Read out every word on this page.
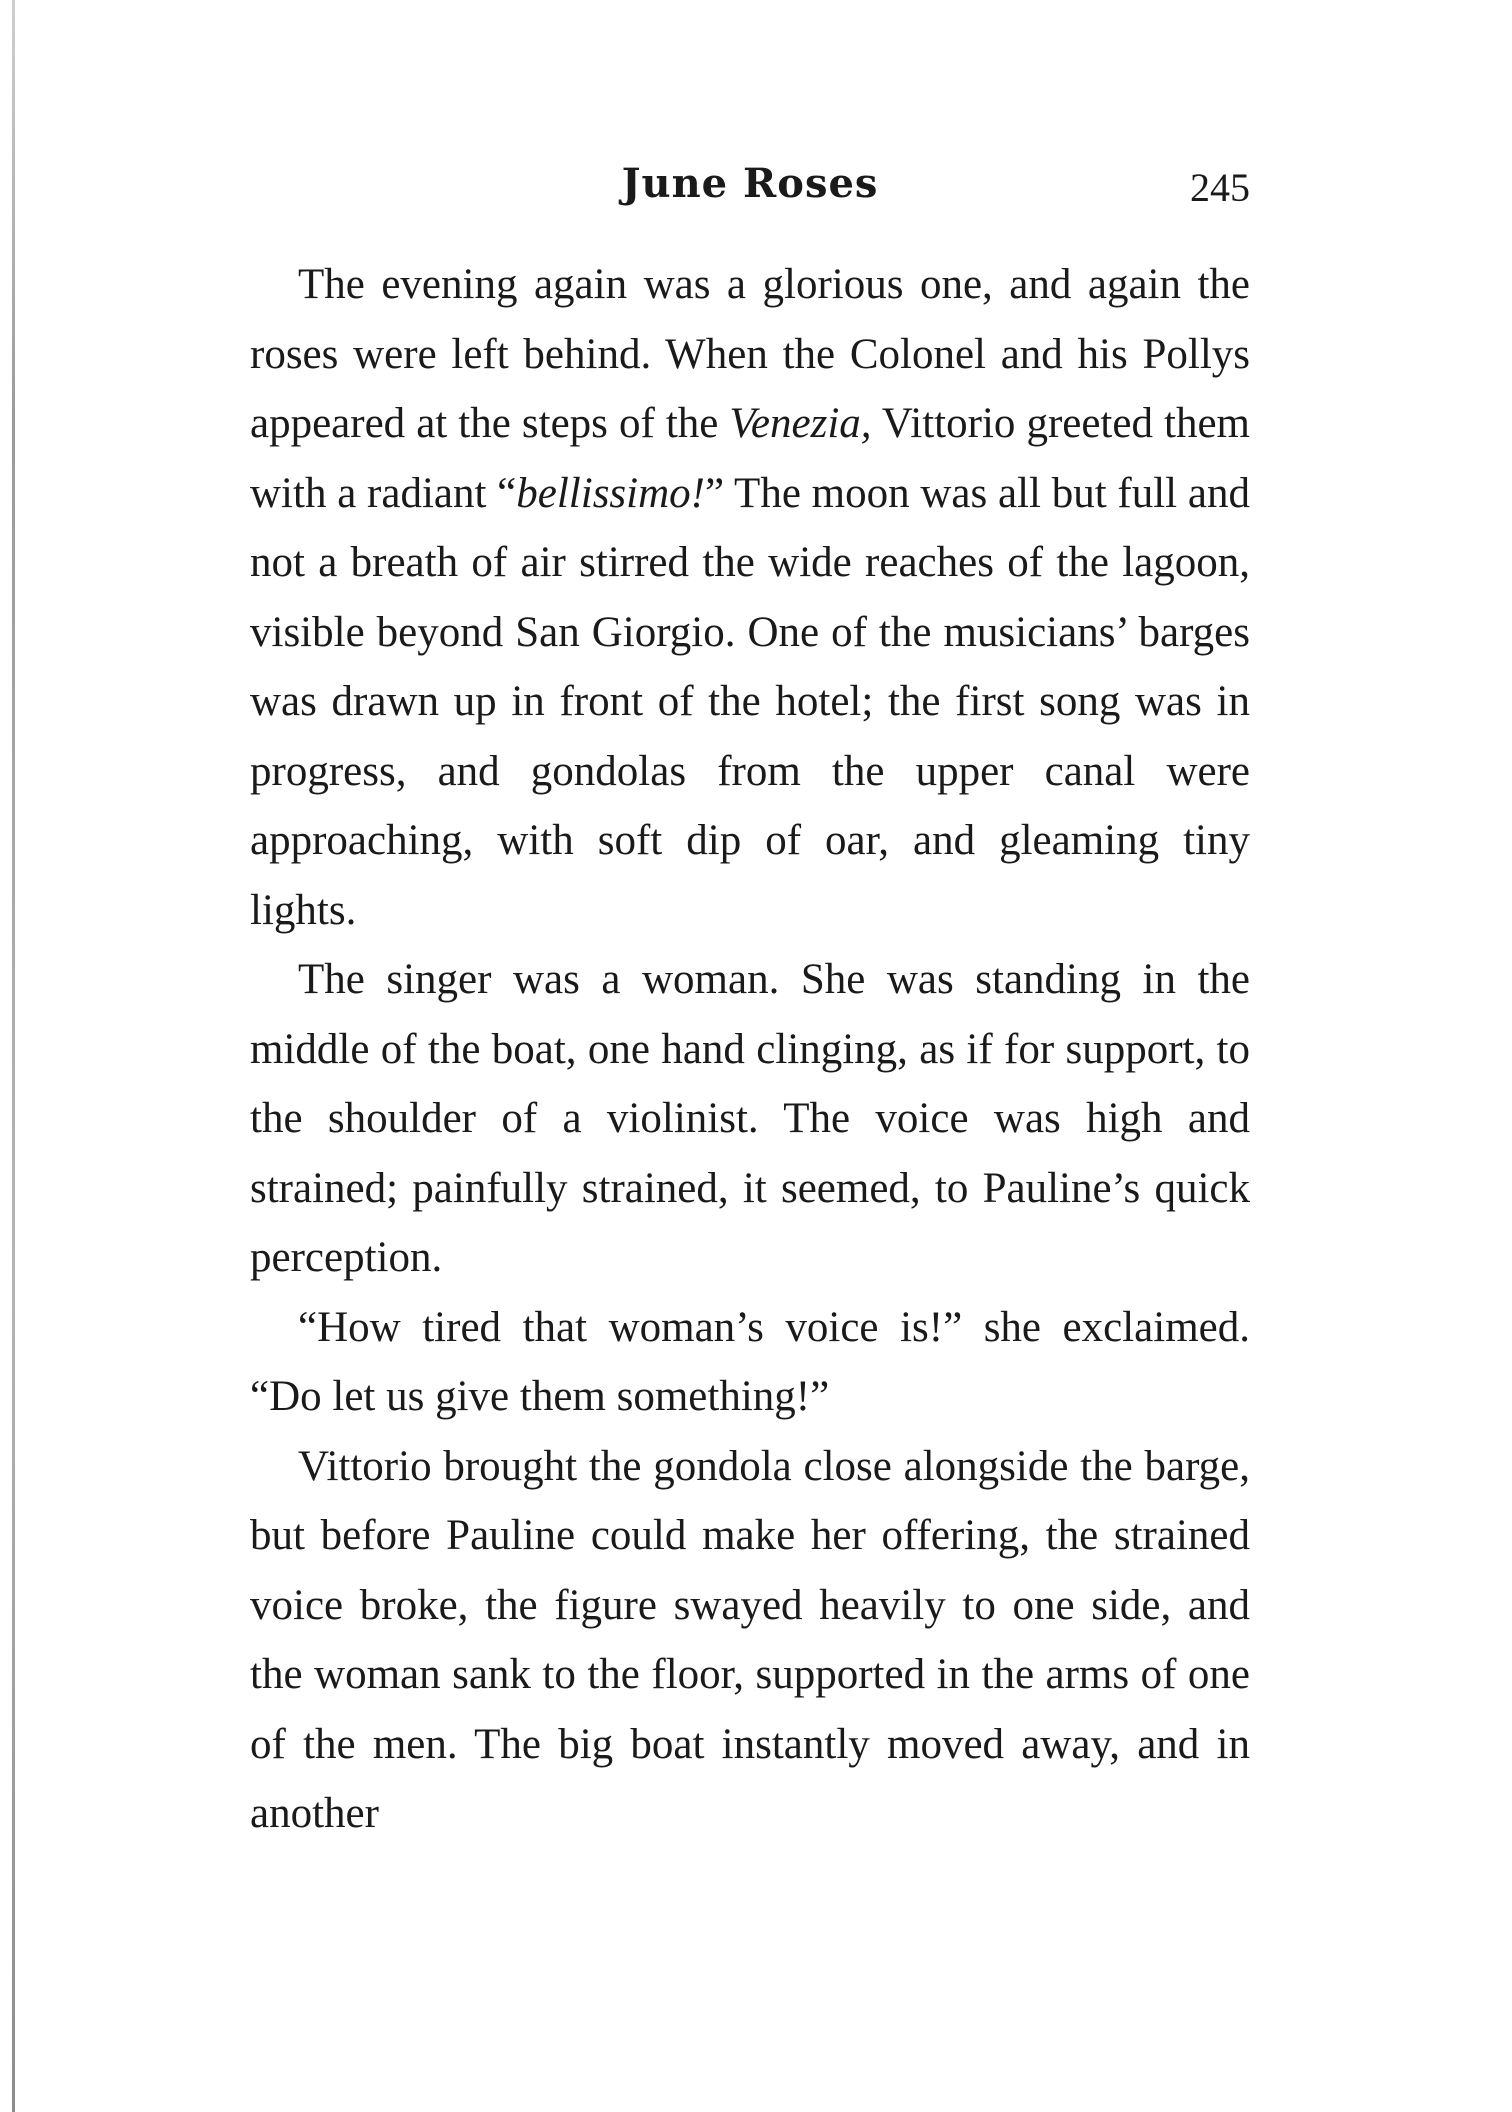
June Roses	245

The evening again was a glorious one, and again the roses were left behind. When the Colonel and his Pollys appeared at the steps of the Venezia, Vittorio greeted them with a radiant “bellissimo!” The moon was all but full and not a breath of air stirred the wide reaches of the lagoon, visible beyond San Giorgio. One of the musicians’ barges was drawn up in front of the hotel; the first song was in progress, and gondolas from the upper canal were approaching, with soft dip of oar, and gleaming tiny lights.

The singer was a woman. She was standing in the middle of the boat, one hand clinging, as if for support, to the shoulder of a violinist. The voice was high and strained; painfully strained, it seemed, to Pauline’s quick perception.

“How tired that woman’s voice is!” she exclaimed. “Do let us give them something!”

Vittorio brought the gondola close alongside the barge, but before Pauline could make her offering, the strained voice broke, the figure swayed heavily to one side, and the woman sank to the floor, supported in the arms of one of the men. The big boat instantly moved away, and in another
